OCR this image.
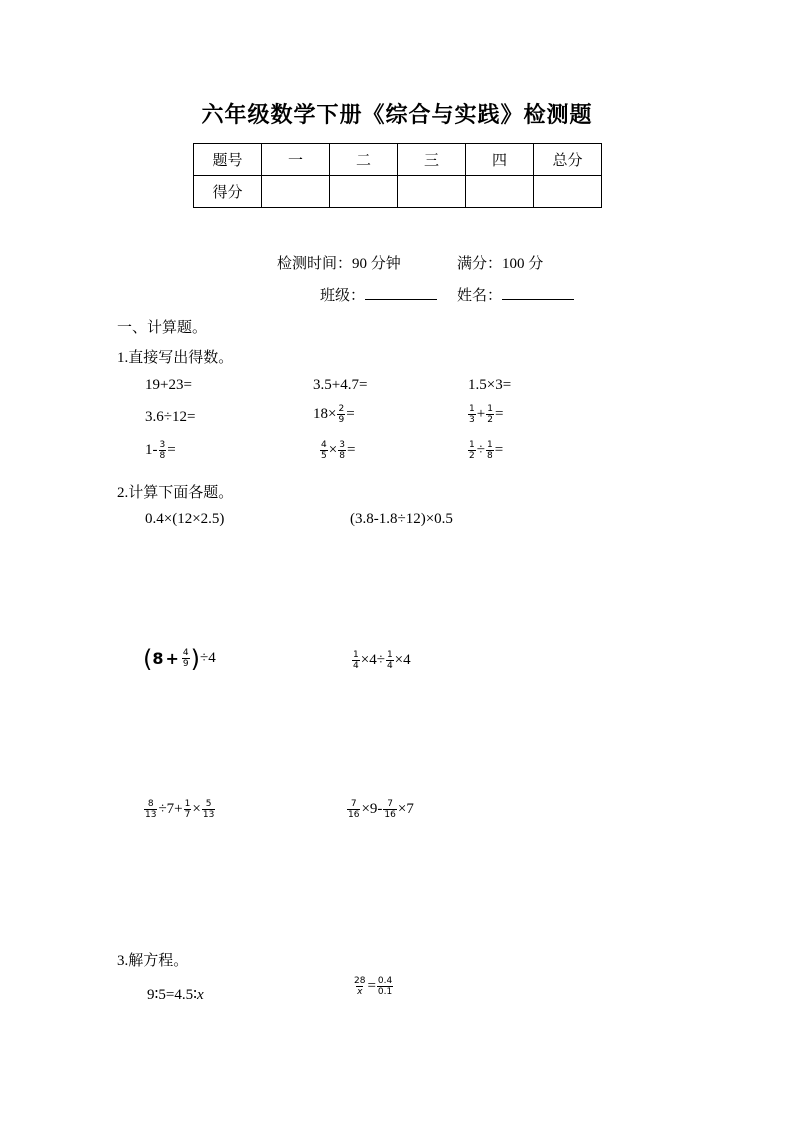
六年级数学下册《综合与实践》检测题
题号	一	二	三	四	总分
得分					
检测时间：90 分钟	满分：100 分
班级：	姓名：
一、计算题。
1.直接写出得数。
19+23=	3.5+4.7=	1.5×3=
3.6÷12=	$18\times \frac{2}{9}$ =	$\frac{1}{3} + \frac{1}{2}$ =
$1- \frac{3}{8}$ =	$\frac{4}{5} \times \frac{3}{8}$ =	$\frac{1}{2} \div \frac{1}{8}$ =
2.计算下面各题。
0.4×(12×2.5)	(3.8-1.8÷12)×0.5
( $8 + \frac{4}{9}$ ) ÷4	$\frac{1}{4} \times 4\div \frac{1}{4} \times 4$
$\frac{8}{13} \div 7+ \frac{1}{7} \times \frac{5}{13}$	$\frac{7}{16} \times 9- \frac{7}{16} \times 7$
3.解方程。
9∶5=4.5∶x	$\frac{28}{x} = \frac{0.4}{0.1}$
